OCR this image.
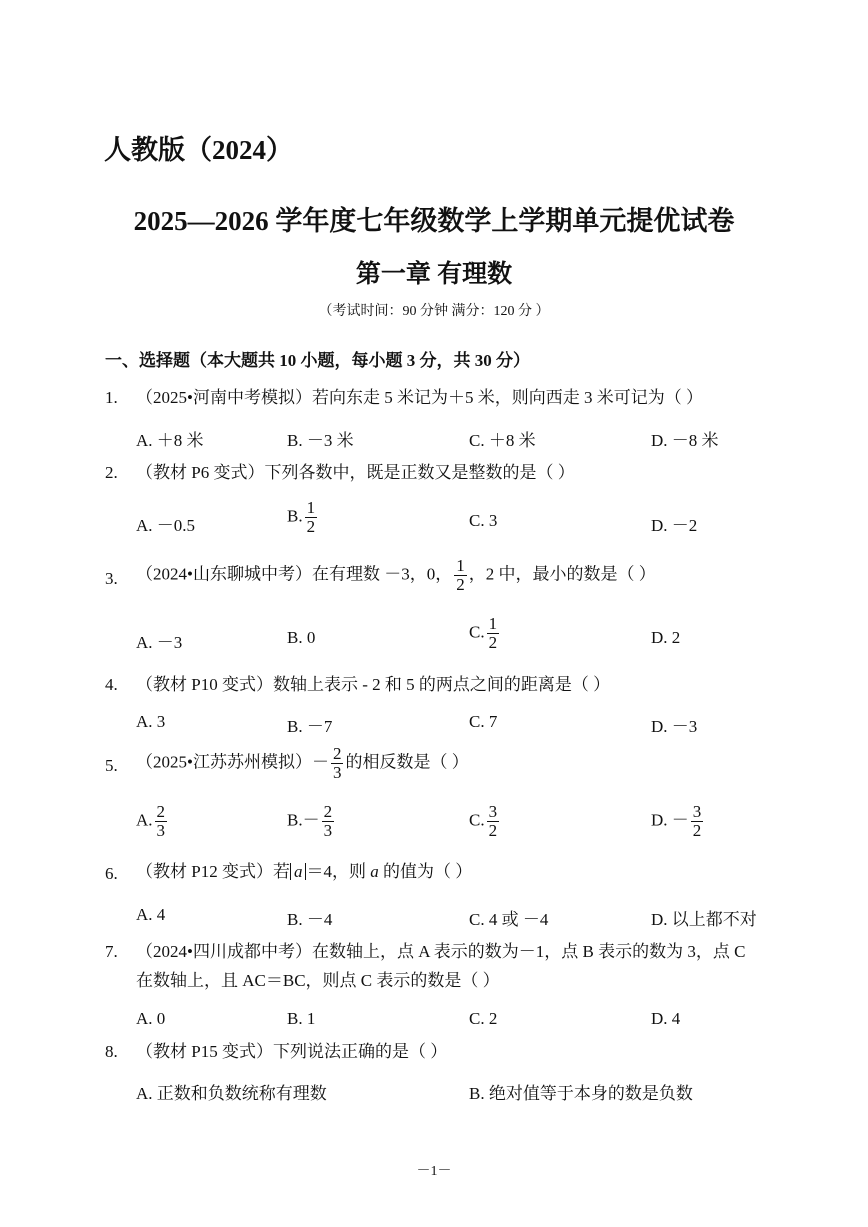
人教版（2024）
2025—2026 学年度七年级数学上学期单元提优试卷
第一章 有理数
（考试时间：90 分钟 满分：120 分 ）
一、选择题（本大题共 10 小题，每小题 3 分，共 30 分）
1. （2025•河南中考模拟）若向东走 5 米记为＋5 米，则向西走 3 米可记为（ ）
A. ＋8 米	B. －3 米	C. ＋8 米	D. －8 米
2. （教材 P6 变式）下列各数中，既是正数又是整数的是（ ）
A. －0.5
B. $\frac{1}{2}$	C. 3	D. －2
3. （2024•山东聊城中考）在有理数 －3，0， $\frac{1}{2}$ ，2 中，最小的数是（ ）
A. －3	B. 0	C. $\frac{1}{2}$	D. 2
4. （教材 P10 变式）数轴上表示 - 2 和 5 的两点之间的距离是（ ）
A. 3	B. －7	C. 7	D. －3
5. （2025•江苏苏州模拟）－ $\frac{2}{3}$ 的相反数是（ ）
A. $\frac{2}{3}$	$B.- \frac{2}{3}$	C. $\frac{3}{2}$	D. － $\frac{3}{2}$
6. （教材 P12 变式）若 a ＝4，则 a 的值为（ ）
A. 4	B. －4	C. 4 或 －4	D. 以上都不对
7. （2024•四川成都中考）在数轴上，点 A 表示的数为－1，点 B 表示的数为 3，点 C
在数轴上，且 AC＝BC，则点 C 表示的数是（ ）
A. 0	B. 1	C. 2	D. 4
8. （教材 P15 变式）下列说法正确的是（ ）
A. 正数和负数统称有理数	B. 绝对值等于本身的数是负数
－1－
